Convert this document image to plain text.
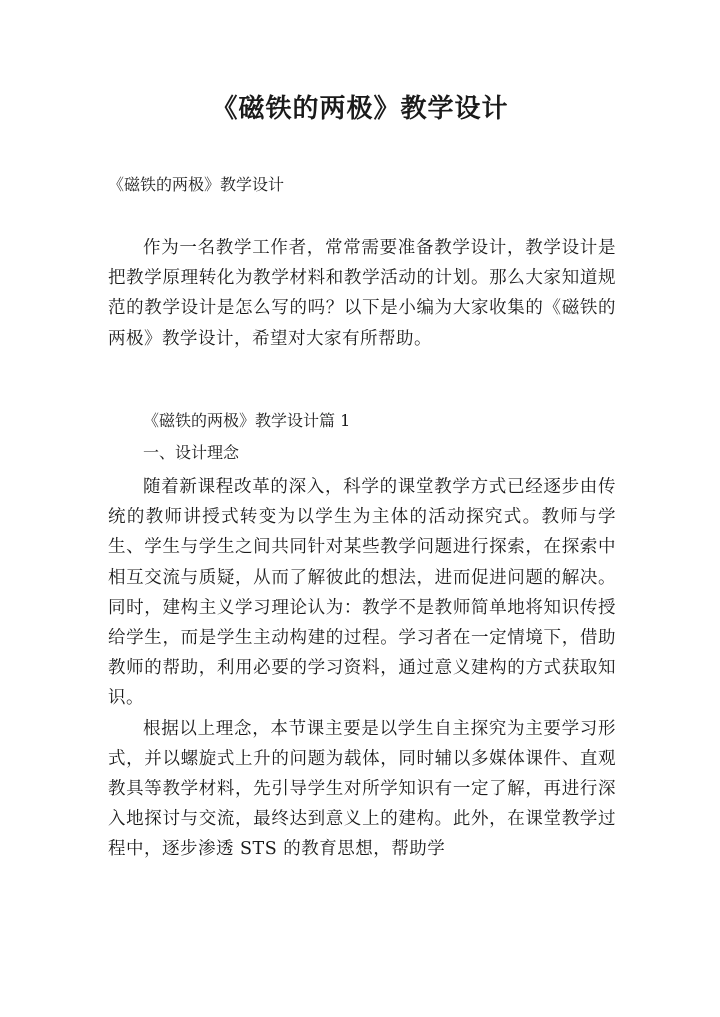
《磁铁的两极》教学设计
《磁铁的两极》教学设计

作为一名教学工作者，常常需要准备教学设计，教学设计是把教学原理转化为教学材料和教学活动的计划。那么大家知道规范的教学设计是怎么写的吗？以下是小编为大家收集的《磁铁的两极》教学设计，希望对大家有所帮助。

《磁铁的两极》教学设计篇 1
一、设计理念

随着新课程改革的深入，科学的课堂教学方式已经逐步由传统的教师讲授式转变为以学生为主体的活动探究式。教师与学生、学生与学生之间共同针对某些教学问题进行探索，在探索中相互交流与质疑，从而了解彼此的想法，进而促进问题的解决。同时，建构主义学习理论认为：教学不是教师简单地将知识传授给学生，而是学生主动构建的过程。学习者在一定情境下，借助教师的帮助，利用必要的学习资料，通过意义建构的方式获取知识。

根据以上理念，本节课主要是以学生自主探究为主要学习形式，并以螺旋式上升的问题为载体，同时辅以多媒体课件、直观教具等教学材料，先引导学生对所学知识有一定了解，再进行深入地探讨与交流，最终达到意义上的建构。此外，在课堂教学过程中，逐步渗透 STS 的教育思想，帮助学
